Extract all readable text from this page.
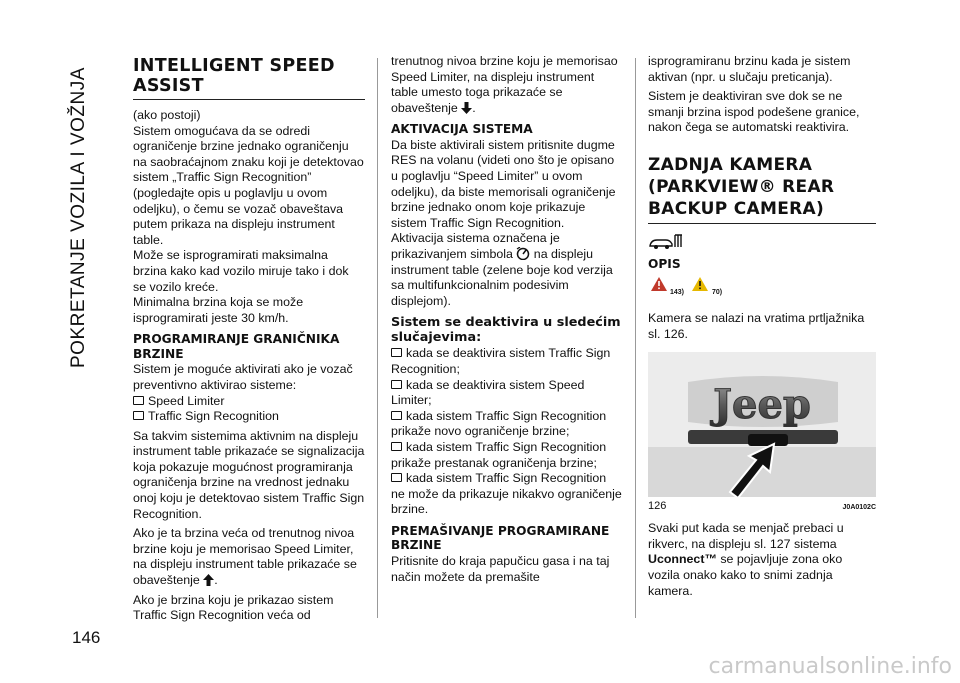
POKRETANJE VOZILA I VOŽNJA
146
INTELLIGENT SPEED ASSIST
(ako postoji)
Sistem omogućava da se odredi ograničenje brzine jednako ograničenju na saobraćajnom znaku koji je detektovao sistem „Traffic Sign Recognition” (pogledajte opis u poglavlju u ovom odeljku), o čemu se vozač obaveštava putem prikaza na displeju instrument table.
Može se isprogramirati maksimalna brzina kako kad vozilo miruje tako i dok se vozilo kreće.
Minimalna brzina koja se može isprogramirati jeste 30 km/h.
PROGRAMIRANJE GRANIČNIKA BRZINE
Sistem je moguće aktivirati ako je vozač preventivno aktivirao sisteme:
Speed Limiter
Traffic Sign Recognition
Sa takvim sistemima aktivnim na displeju instrument table prikazaće se signalizacija koja pokazuje mogućnost programiranja ograničenja brzine na vrednost jednaku onoj koju je detektovao sistem Traffic Sign Recognition.
Ako je ta brzina veća od trenutnog nivoa brzine koju je memorisao Speed Limiter, na displeju instrument table prikazaće se obaveštenje .
Ako je brzina koju je prikazao sistem Traffic Sign Recognition veća od
trenutnog nivoa brzine koju je memorisao Speed Limiter, na displeju instrument table umesto toga prikazaće se obaveštenje .
AKTIVACIJA SISTEMA
Da biste aktivirali sistem pritisnite dugme RES na volanu (videti ono što je opisano u poglavlju “Speed Limiter” u ovom odeljku), da biste memorisali ograničenje brzine jednako onom koje prikazuje sistem Traffic Sign Recognition.
Aktivacija sistema označena je prikazivanjem simbola na displeju instrument table (zelene boje kod verzija sa multifunkcionalnim podesivim displejom).
Sistem se deaktivira u sledećim slučajevima:
kada se deaktivira sistem Traffic Sign Recognition;
kada se deaktivira sistem Speed Limiter;
kada sistem Traffic Sign Recognition prikaže novo ograničenje brzine;
kada sistem Traffic Sign Recognition prikaže prestanak ograničenja brzine;
kada sistem Traffic Sign Recognition ne može da prikazuje nikakvo ograničenje brzine.
PREMAŠIVANJE PROGRAMIRANE BRZINE
Pritisnite do kraja papučicu gasa i na taj način možete da premašite
isprogramiranu brzinu kada je sistem aktivan (npr. u slučaju preticanja).
Sistem je deaktiviran sve dok se ne smanji brzina ispod podešene granice, nakon čega se automatski reaktivira.
ZADNJA KAMERA (PARKVIEW® REAR BACKUP CAMERA)
OPIS
143)	70)
Kamera se nalazi na vratima prtljažnika sl. 126.
Jeep
126	J0A0102C
Svaki put kada se menjač prebaci u rikverc, na displeju sl. 127 sistema Uconnect™ se pojavljuje zona oko vozila onako kako to snimi zadnja kamera.
carmanualsonline.info
